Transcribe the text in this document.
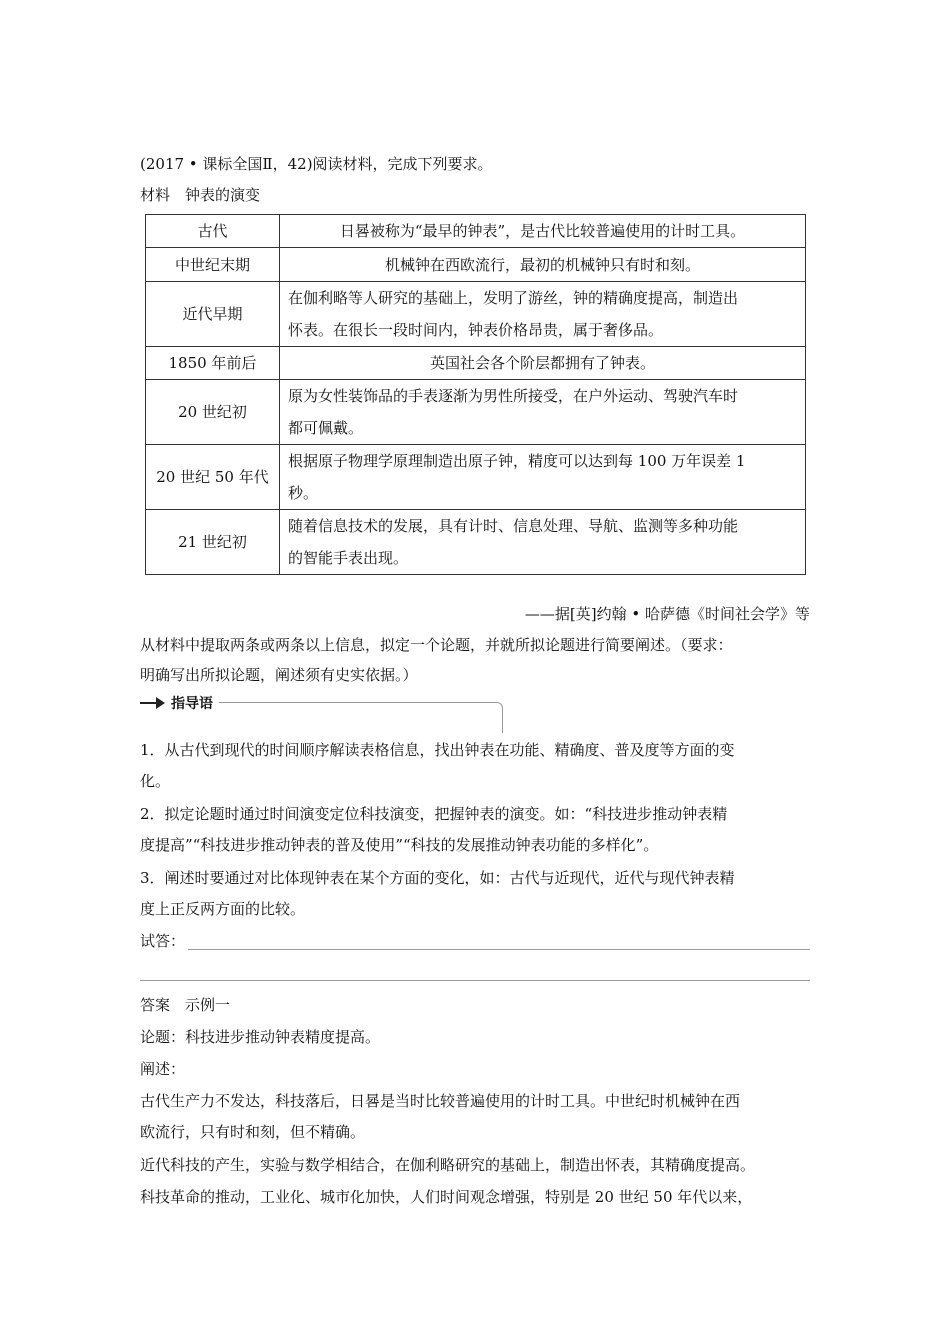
(2017 • 课标全国Ⅱ，42)阅读材料，完成下列要求。
材料　钟表的演变
古代	日晷被称为“最早的钟表”，是古代比较普遍使用的计时工具。
中世纪末期	机械钟在西欧流行，最初的机械钟只有时和刻。
近代早期	在伽利略等人研究的基础上，发明了游丝，钟的精确度提高，制造出
怀表。在很长一段时间内，钟表价格昂贵，属于奢侈品。

1850 年前后	英国社会各个阶层都拥有了钟表。
20 世纪初	原为女性装饰品的手表逐渐为男性所接受，在户外运动、驾驶汽车时
都可佩戴。

20 世纪 50 年代	根据原子物理学原理制造出原子钟，精度可以达到每 100 万年误差 1
秒。

21 世纪初	随着信息技术的发展，具有计时、信息处理、导航、监测等多种功能
的智能手表出现。
——据[英]约翰 • 哈萨德《时间社会学》等
从材料中提取两条或两条以上信息，拟定一个论题，并就所拟论题进行简要阐述。（要求：
明确写出所拟论题，阐述须有史实依据。）
指导语
1．从古代到现代的时间顺序解读表格信息，找出钟表在功能、精确度、普及度等方面的变
化。
2．拟定论题时通过时间演变定位科技演变，把握钟表的演变。如：“科技进步推动钟表精
度提高”“科技进步推动钟表的普及使用”“科技的发展推动钟表功能的多样化”。
3．阐述时要通过对比体现钟表在某个方面的变化，如：古代与近现代，近代与现代钟表精
度上正反两方面的比较。
试答：
答案　示例一
论题：科技进步推动钟表精度提高。
阐述：
古代生产力不发达，科技落后，日晷是当时比较普遍使用的计时工具。中世纪时机械钟在西
欧流行，只有时和刻，但不精确。
近代科技的产生，实验与数学相结合，在伽利略研究的基础上，制造出怀表，其精确度提高。
科技革命的推动，工业化、城市化加快，人们时间观念增强，特别是 20 世纪 50 年代以来，
